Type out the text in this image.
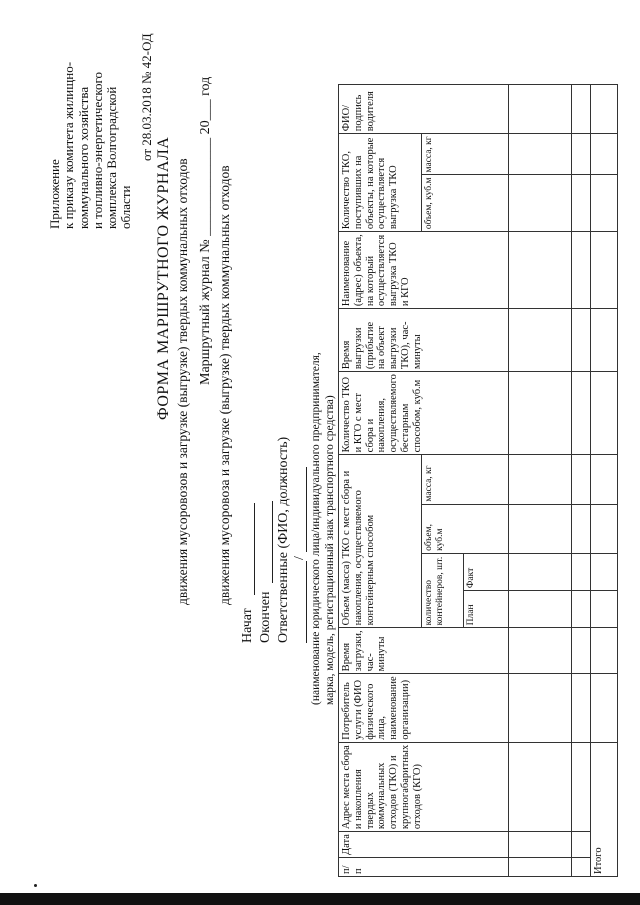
Приложение к приказу комитета жилищно- коммунального хозяйства и топливно-энергетического комплекса Волгоградской области
от 28.03.2018 № 42-ОД
ФОРМА МАРШРУТНОГО ЖУРНАЛА движения мусоровозов и загрузке (выгрузке) твердых коммунальных отходов Маршрутный журнал № ______________ 20___ год движения мусоровоза и загрузке (выгрузке) твердых коммунальных отходов
Начат Окончен Ответственные (ФИО, должность) / (наименование юридического лица/индивидуального предпринимателя, марка, модель, регистрационный знак транспортного средства)
п/п	Дата	Адрес места сбора и накопления твердых коммунальных отходов (ТКО) и крупногабаритных отходов (КГО)	Потребитель услуги (ФИО физического лица, наименование организации)	Время загрузки, час-минуты	Объем (масса) ТКО с мест сбора и накопления, осуществляемого контейнерным способом				Количество ТКО и КГО с мест сбора и накопления, осуществляемого бестарным способом, куб.м	Время выгрузки (прибытие на объект выгрузки ТКО), час-минуты	Наименование (адрес) объекта, на который осуществляется выгрузка ТКО и КГО	Количество ТКО, поступивших на объекты, на которые осуществляется выгрузка ТКО		ФИО/ подпись водителя
					количество контейнеров, шт.		объем, куб.м	масса, кг				объем, куб.м	масса, кг	
					План	Факт								

Итого														
